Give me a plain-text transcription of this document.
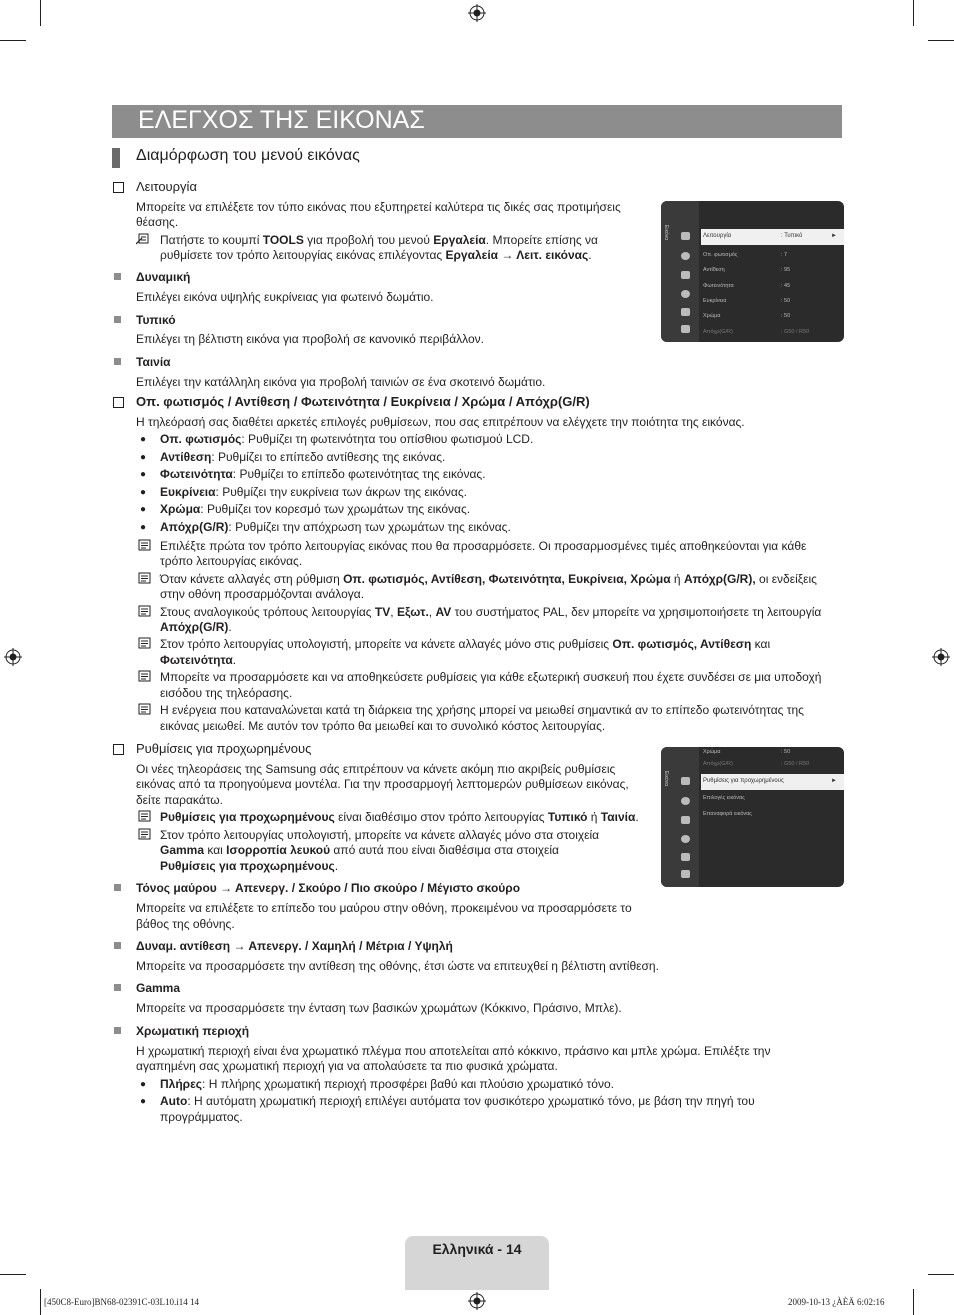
ΕΛΕΓΧΟΣ ΤΗΣ ΕΙΚΟΝΑΣ
Διαμόρφωση του μενού εικόνας
Λειτουργία
Μπορείτε να επιλέξετε τον τύπο εικόνας που εξυπηρετεί καλύτερα τις δικές σας προτιμήσεις
θέασης.
Πατήστε το κουμπί TOOLS για προβολή του μενού Εργαλεία. Μπορείτε επίσης να
ρυθμίσετε τον τρόπο λειτουργίας εικόνας επιλέγοντας Εργαλεία → Λειτ. εικόνας.
Δυναμική
Επιλέγει εικόνα υψηλής ευκρίνειας για φωτεινό δωμάτιο.
Τυπικό
Επιλέγει τη βέλτιστη εικόνα για προβολή σε κανονικό περιβάλλον.
Ταινία
Επιλέγει την κατάλληλη εικόνα για προβολή ταινιών σε ένα σκοτεινό δωμάτιο.
Εικόνα	Λειτουργία	: Τυπικό	►
Οπ. φωτισμός	: 7
Αντίθεση	: 95
Φωτεινότητα	: 45
Ευκρίνεια	: 50
Χρώμα	: 50
Απόχρ(G/R)	: G50 / R50
Οπ. φωτισμός / Αντίθεση / Φωτεινότητα / Ευκρίνεια / Χρώμα / Απόχρ(G/R)
Η τηλεόρασή σας διαθέτει αρκετές επιλογές ρυθμίσεων, που σας επιτρέπουν να ελέγχετε την ποιότητα της εικόνας.
● Οπ. φωτισμός: Ρυθμίζει τη φωτεινότητα του οπίσθιου φωτισμού LCD.
● Αντίθεση: Ρυθμίζει το επίπεδο αντίθεσης της εικόνας.
● Φωτεινότητα: Ρυθμίζει το επίπεδο φωτεινότητας της εικόνας.
● Ευκρίνεια: Ρυθμίζει την ευκρίνεια των άκρων της εικόνας.
● Χρώμα: Ρυθμίζει τον κορεσμό των χρωμάτων της εικόνας.
● Απόχρ(G/R): Ρυθμίζει την απόχρωση των χρωμάτων της εικόνας.
Επιλέξτε πρώτα τον τρόπο λειτουργίας εικόνας που θα προσαρμόσετε. Οι προσαρμοσμένες τιμές αποθηκεύονται για κάθε
τρόπο λειτουργίας εικόνας.
Όταν κάνετε αλλαγές στη ρύθμιση Οπ. φωτισμός, Αντίθεση, Φωτεινότητα, Ευκρίνεια, Χρώμα ή Απόχρ(G/R), οι ενδείξεις
στην οθόνη προσαρμόζονται ανάλογα.
Στους αναλογικούς τρόπους λειτουργίας TV, Εξωτ., AV του συστήματος PAL, δεν μπορείτε να χρησιμοποιήσετε τη λειτουργία
Απόχρ(G/R).
Στον τρόπο λειτουργίας υπολογιστή, μπορείτε να κάνετε αλλαγές μόνο στις ρυθμίσεις Οπ. φωτισμός, Αντίθεση και
Φωτεινότητα.
Μπορείτε να προσαρμόσετε και να αποθηκεύσετε ρυθμίσεις για κάθε εξωτερική συσκευή που έχετε συνδέσει σε μια υποδοχή
εισόδου της τηλεόρασης.
Η ενέργεια που καταναλώνεται κατά τη διάρκεια της χρήσης μπορεί να μειωθεί σημαντικά αν το επίπεδο φωτεινότητας της
εικόνας μειωθεί. Με αυτόν τον τρόπο θα μειωθεί και το συνολικό κόστος λειτουργίας.
Ρυθμίσεις για προχωρημένους
Οι νέες τηλεοράσεις της Samsung σάς επιτρέπουν να κάνετε ακόμη πιο ακριβείς ρυθμίσεις
εικόνας από τα προηγούμενα μοντέλα. Για την προσαρμογή λεπτομερών ρυθμίσεων εικόνας,
δείτε παρακάτω.
Ρυθμίσεις για προχωρημένους είναι διαθέσιμο στον τρόπο λειτουργίας Τυπικό ή Ταινία.
Στον τρόπο λειτουργίας υπολογιστή, μπορείτε να κάνετε αλλαγές μόνο στα στοιχεία
Gamma και Ισορροπία λευκού από αυτά που είναι διαθέσιμα στα στοιχεία
Ρυθμίσεις για προχωρημένους.
Εικόνα
Χρώμα	: 50
Απόχρ(G/R)	: G50 / R50
Ρυθμίσεις για προχωρημένους	►
Επιλογές εικόνας
Επαναφορά εικόνας
Τόνος μαύρου → Απενεργ. / Σκούρο / Πιο σκούρο / Μέγιστο σκούρο
Μπορείτε να επιλέξετε το επίπεδο του μαύρου στην οθόνη, προκειμένου να προσαρμόσετε το
βάθος της οθόνης.
Δυναμ. αντίθεση → Απενεργ. / Χαμηλή / Μέτρια / Υψηλή
Μπορείτε να προσαρμόσετε την αντίθεση της οθόνης, έτσι ώστε να επιτευχθεί η βέλτιστη αντίθεση.
Gamma
Μπορείτε να προσαρμόσετε την ένταση των βασικών χρωμάτων (Κόκκινο, Πράσινο, Μπλε).
Χρωματική περιοχή
Η χρωματική περιοχή είναι ένα χρωματικό πλέγμα που αποτελείται από κόκκινο, πράσινο και μπλε χρώμα. Επιλέξτε την
αγαπημένη σας χρωματική περιοχή για να απολαύσετε τα πιο φυσικά χρώματα.
● Πλήρες: Η πλήρης χρωματική περιοχή προσφέρει βαθύ και πλούσιο χρωματικό τόνο.
● Auto: Η αυτόματη χρωματική περιοχή επιλέγει αυτόματα τον φυσικότερο χρωματικό τόνο, με βάση την πηγή του
προγράμματος.
Ελληνικά - 14
[450C8-Euro]BN68-02391C-03L10.i14 14	2009-10-13 ¿ÀÈÄ 6:02:16
